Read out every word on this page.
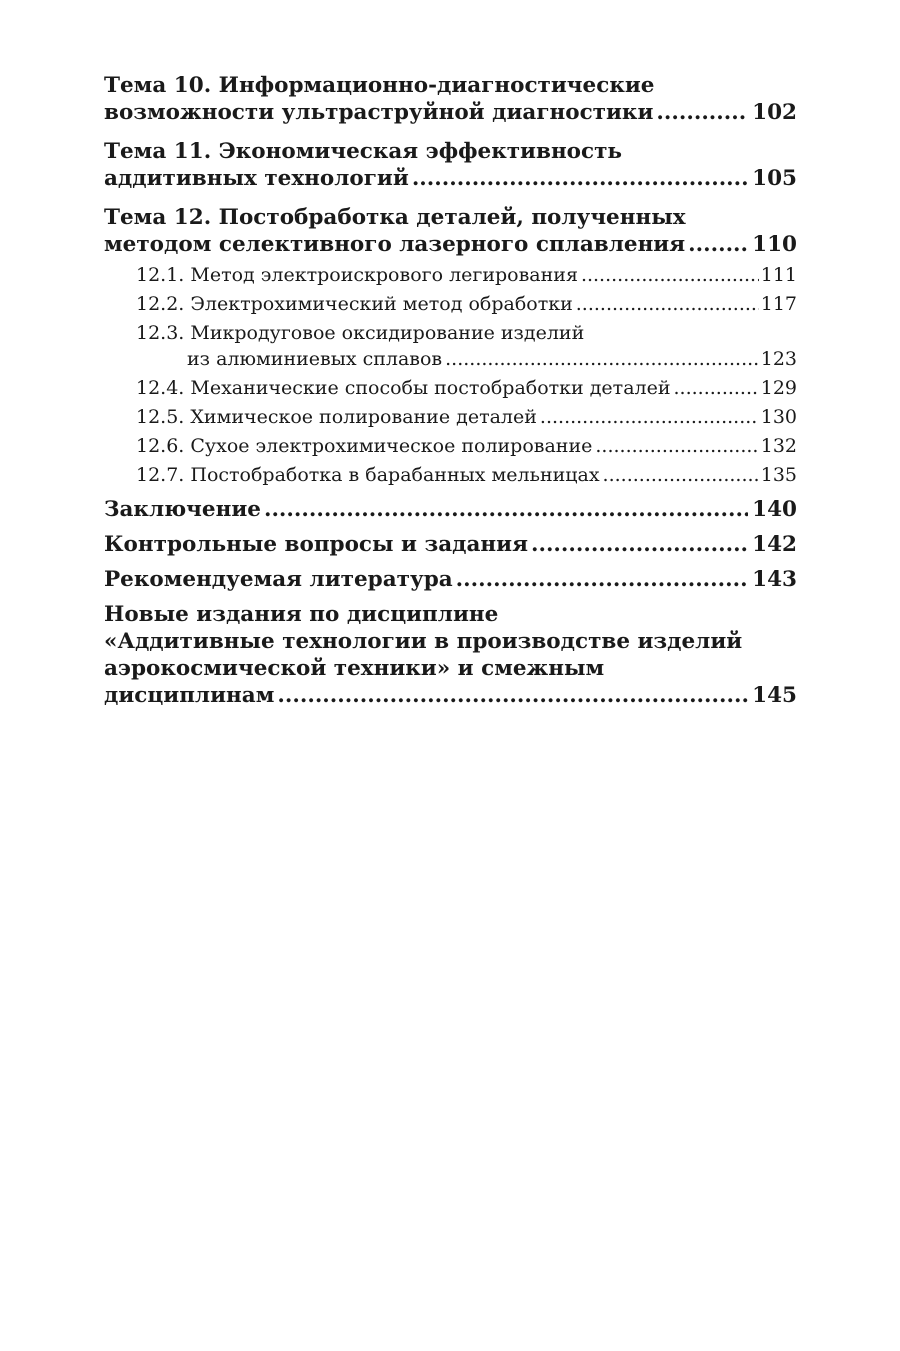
Тема 10. Информационно-диагностические
возможности ультраструйной диагностики .....	102
Тема 11. Экономическая эффективность
аддитивных технологий .....	105
Тема 12. Постобработка деталей, полученных
методом селективного лазерного сплавления .....	110
12.1. Метод электроискрового легирования .....	111
12.2. Электрохимический метод обработки .....	117
12.3. Микродуговое оксидирование изделий
из алюминиевых сплавов .....	123
12.4. Механические способы постобработки деталей .....	129
12.5. Химическое полирование деталей .....	130
12.6. Сухое электрохимическое полирование .....	132
12.7. Постобработка в барабанных мельницах .....	135
Заключение .....	140
Контрольные вопросы и задания .....	142
Рекомендуемая литература .....	143
Новые издания по дисциплине
«Аддитивные технологии в производстве изделий
аэрокосмической техники» и смежным
дисциплинам .....	145
